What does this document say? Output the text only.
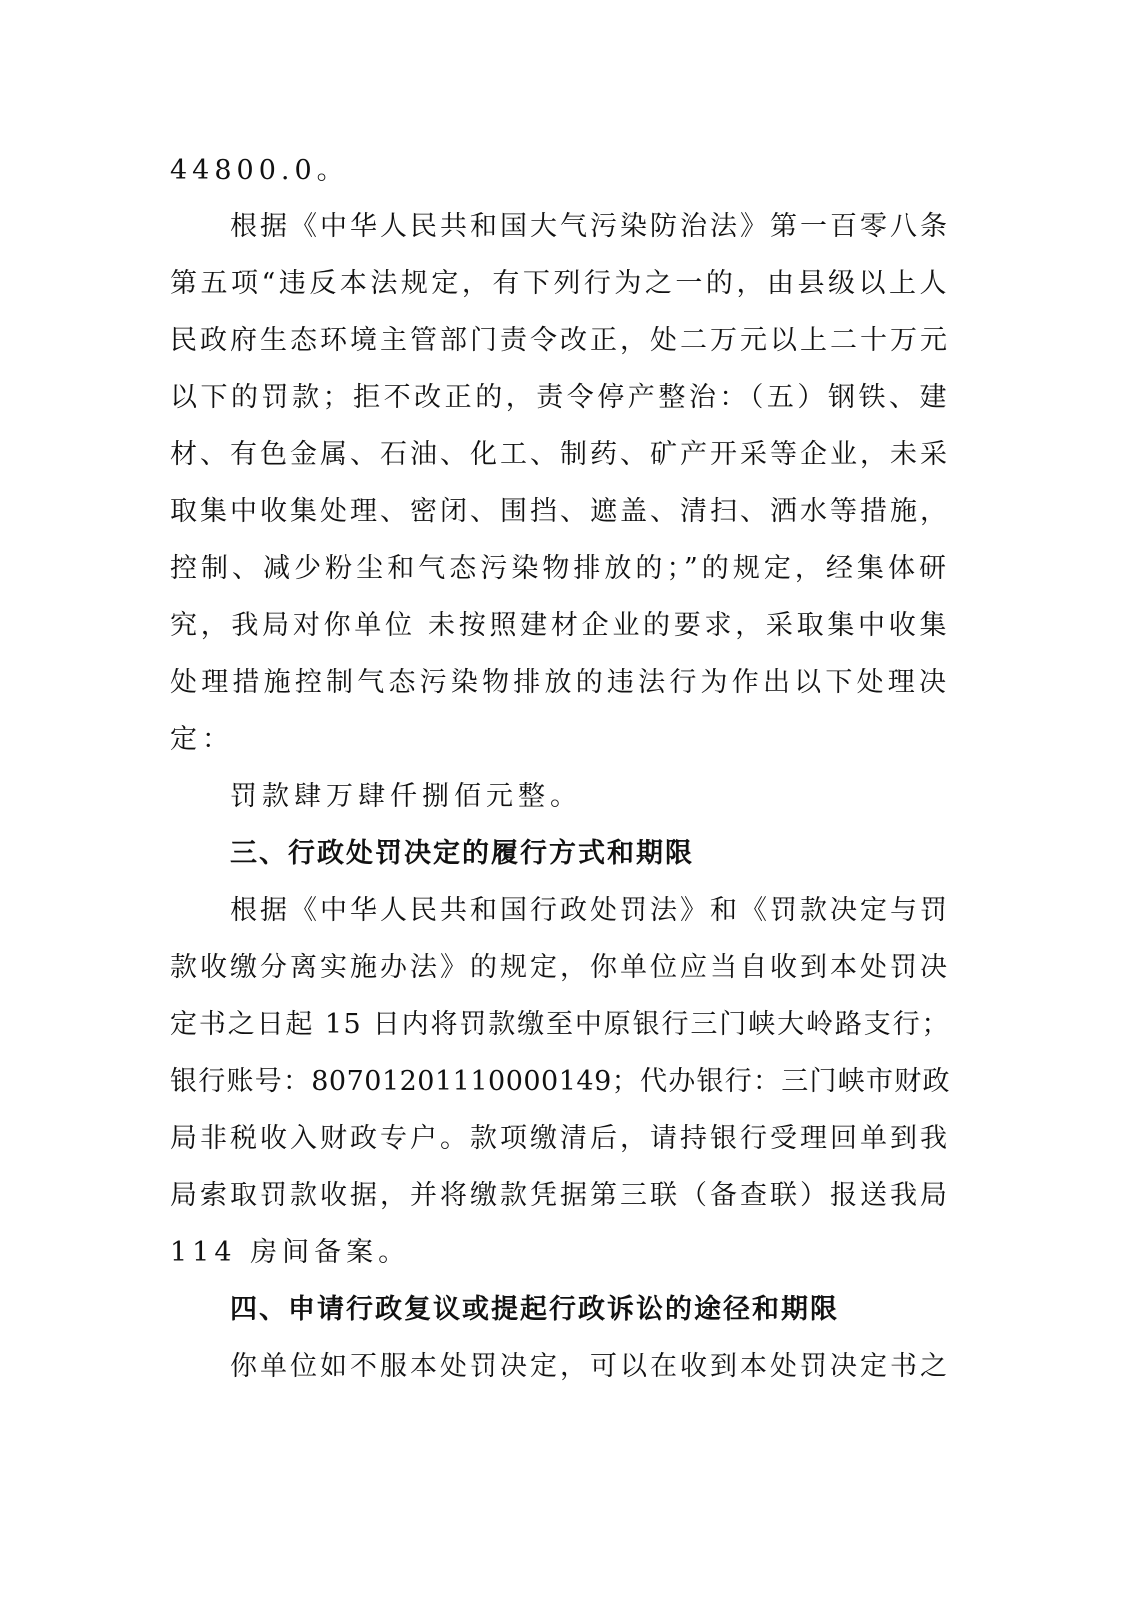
44800.0。
根据《中华人民共和国大气污染防治法》第一百零八条
第五项“违反本法规定，有下列行为之一的，由县级以上人
民政府生态环境主管部门责令改正，处二万元以上二十万元
以下的罚款；拒不改正的，责令停产整治：（五）钢铁、建
材、有色金属、石油、化工、制药、矿产开采等企业，未采
取集中收集处理、密闭、围挡、遮盖、清扫、洒水等措施，
控制、减少粉尘和气态污染物排放的；”的规定，经集体研
究，我局对你单位 未按照建材企业的要求，采取集中收集
处理措施控制气态污染物排放的违法行为作出以下处理决
定：
罚款肆万肆仟捌佰元整。
三、行政处罚决定的履行方式和期限
根据《中华人民共和国行政处罚法》和《罚款决定与罚
款收缴分离实施办法》的规定，你单位应当自收到本处罚决
定书之日起 15 日内将罚款缴至中原银行三门峡大岭路支行；
银行账号：80701201110000149；代办银行：三门峡市财政
局非税收入财政专户。款项缴清后，请持银行受理回单到我
局索取罚款收据，并将缴款凭据第三联（备查联）报送我局
114 房间备案。
四、申请行政复议或提起行政诉讼的途径和期限
你单位如不服本处罚决定，可以在收到本处罚决定书之
